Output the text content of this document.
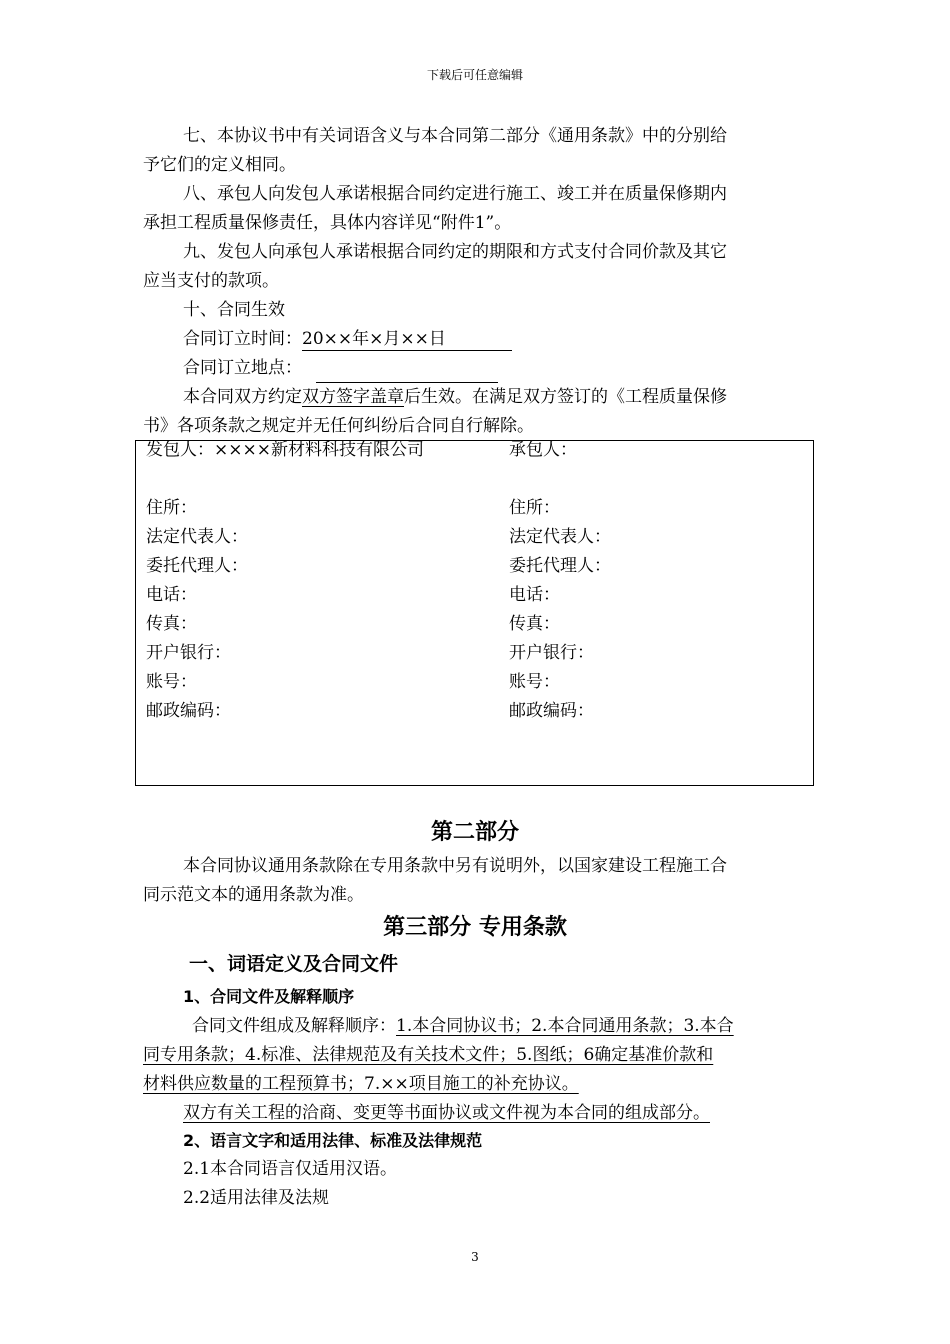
下载后可任意编辑
七、本协议书中有关词语含义与本合同第二部分《通用条款》中的分别给
予它们的定义相同。
八、承包人向发包人承诺根据合同约定进行施工、竣工并在质量保修期内
承担工程质量保修责任，具体内容详见“附件1”。
九、发包人向承包人承诺根据合同约定的期限和方式支付合同价款及其它
应当支付的款项。
十、合同生效
合同订立时间：20××年×月××日
合同订立地点：
本合同双方约定双方签字盖章后生效。在满足双方签订的《工程质量保修
书》各项条款之规定并无任何纠纷后合同自行解除。
发包人：××××新材料科技有限公司
住所：
法定代表人：
委托代理人：
电话：
传真：
开户银行：
账号：
邮政编码：
承包人：
住所：
法定代表人：
委托代理人：
电话：
传真：
开户银行：
账号：
邮政编码：
第二部分
本合同协议通用条款除在专用条款中另有说明外，以国家建设工程施工合
同示范文本的通用条款为准。
第三部分 专用条款
一、词语定义及合同文件
1、合同文件及解释顺序
合同文件组成及解释顺序：1.本合同协议书；2.本合同通用条款；3.本合
同专用条款；4.标准、法律规范及有关技术文件；5.图纸；6确定基准价款和
材料供应数量的工程预算书；7.××项目施工的补充协议。
双方有关工程的洽商、变更等书面协议或文件视为本合同的组成部分。
2、语言文字和适用法律、标准及法律规范
2.1本合同语言仅适用汉语。
2.2适用法律及法规
3
